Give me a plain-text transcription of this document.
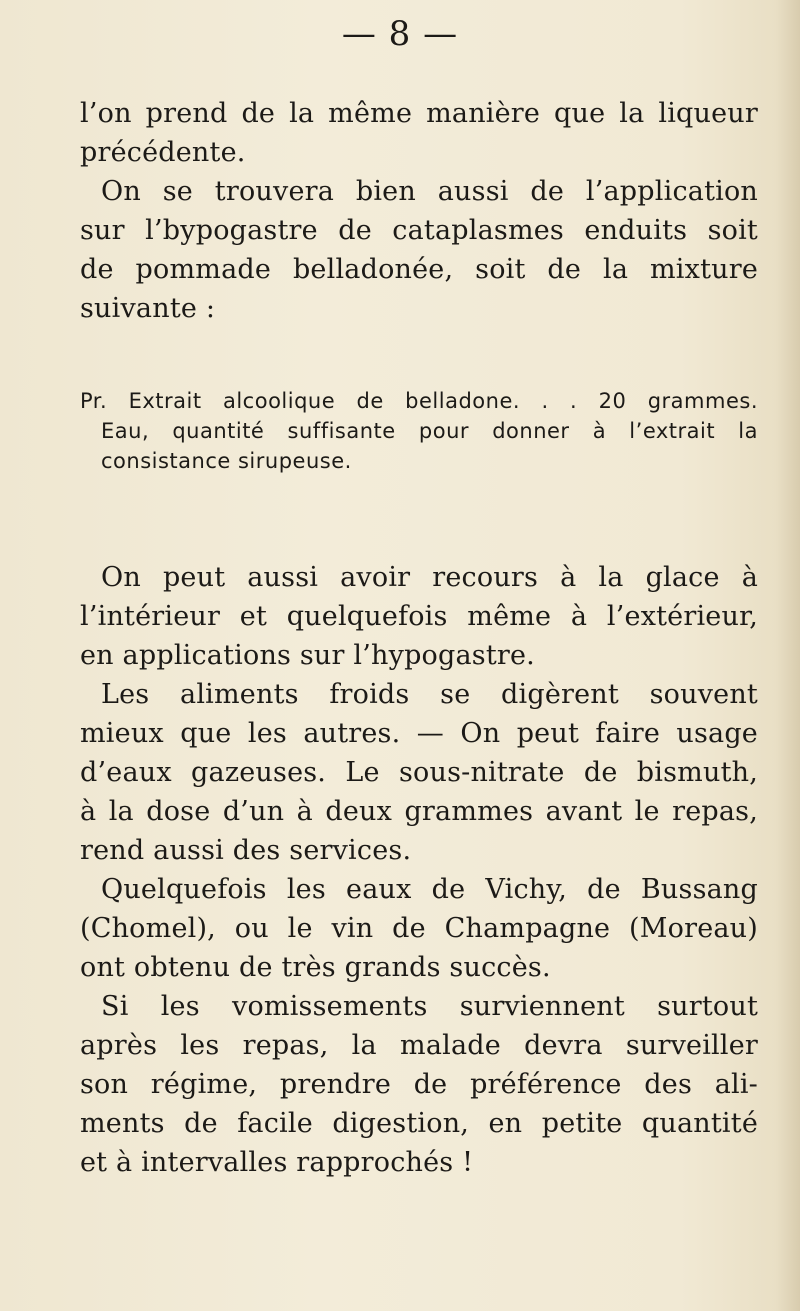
— 8 —
l’on prend de la même manière que la liqueur
précédente.
On se trouvera bien aussi de l’application
sur l’bypogastre de cataplasmes enduits soit
de pommade belladonée, soit de la mixture
suivante :
Pr. Extrait alcoolique de belladone. . . 20 grammes.
Eau, quantité suffisante pour donner à l’extrait la
consistance sirupeuse.
On peut aussi avoir recours à la glace à
l’intérieur et quelquefois même à l’extérieur,
en applications sur l’hypogastre.
Les aliments froids se digèrent souvent
mieux que les autres. — On peut faire usage
d’eaux gazeuses. Le sous-nitrate de bismuth,
à la dose d’un à deux grammes avant le repas,
rend aussi des services.
Quelquefois les eaux de Vichy, de Bussang
(Chomel), ou le vin de Champagne (Moreau)
ont obtenu de très grands succès.
Si les vomissements surviennent surtout
après les repas, la malade devra surveiller
son régime, prendre de préférence des ali-
ments de facile digestion, en petite quantité
et à intervalles rapprochés !
